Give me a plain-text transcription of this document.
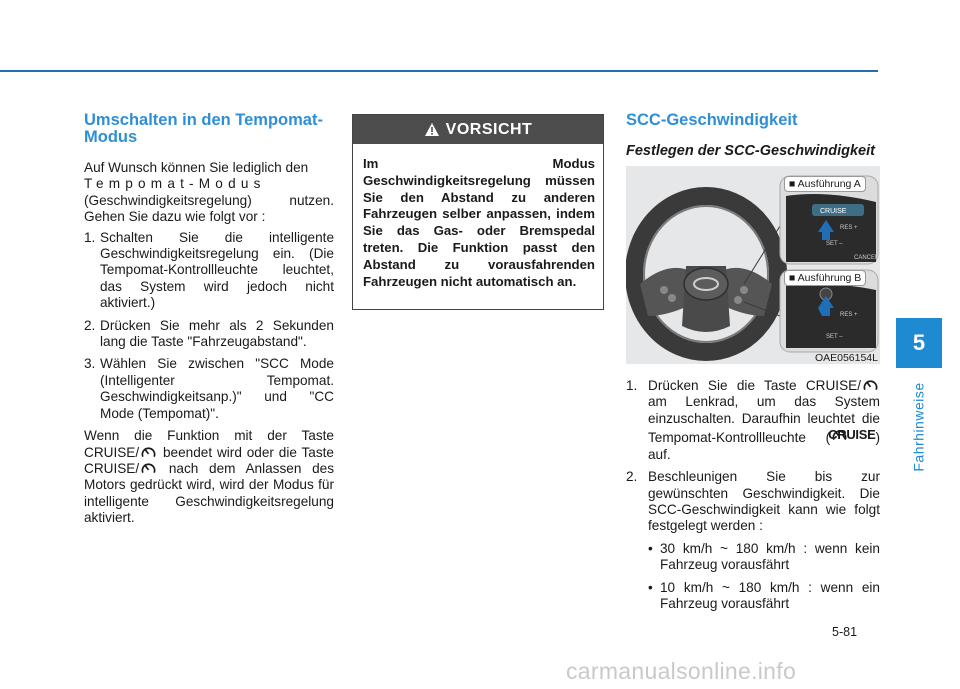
5
Fahrhinweise
Umschalten in den Tempomat-Modus
Auf Wunsch können Sie lediglich den
Tempomat-Modus
(Geschwindigkeitsregelung) nutzen. Gehen Sie dazu wie folgt vor :
1. Schalten Sie die intelligente Geschwindigkeitsregelung ein. (Die Tempomat-Kontrollleuchte leuchtet, das System wird jedoch nicht aktiviert.)
2. Drücken Sie mehr als 2 Sekunden lang die Taste "Fahrzeugabstand".
3. Wählen Sie zwischen "SCC Mode (Intelligenter Tempomat. Geschwindigkeitsanp.)" und "CC Mode (Tempomat)".
Wenn die Funktion mit der Taste CRUISE/ beendet wird oder die Taste CRUISE/ nach dem Anlassen des Motors gedrückt wird, wird der Modus für intelligente Geschwindigkeitsregelung aktiviert.
VORSICHT
Im Modus Geschwindigkeitsregelung müssen Sie den Abstand zu anderen Fahrzeugen selber anpassen, indem Sie das Gas- oder Bremspedal treten. Die Funktion passt den Abstand zu vorausfahrenden Fahrzeugen nicht automatisch an.
SCC-Geschwindigkeit
Festlegen der SCC-Geschwindigkeit
CRUISE
RES +
SET –
CANCEL
RES +
SET –
■ Ausführung A
■ Ausführung B
OAE056154L
1. Drücken Sie die Taste CRUISE/ am Lenkrad, um das System einzuschalten. Daraufhin leuchtet die Tempomat-Kontrollleuchte (
CRUISE ) auf.
2. Beschleunigen Sie bis zur gewünschten Geschwindigkeit. Die SCC-Geschwindigkeit kann wie folgt festgelegt werden :
• 30 km/h ~ 180 km/h : wenn kein Fahrzeug vorausfährt
• 10 km/h ~ 180 km/h : wenn ein Fahrzeug vorausfährt
5-81
carmanualsonline.info
